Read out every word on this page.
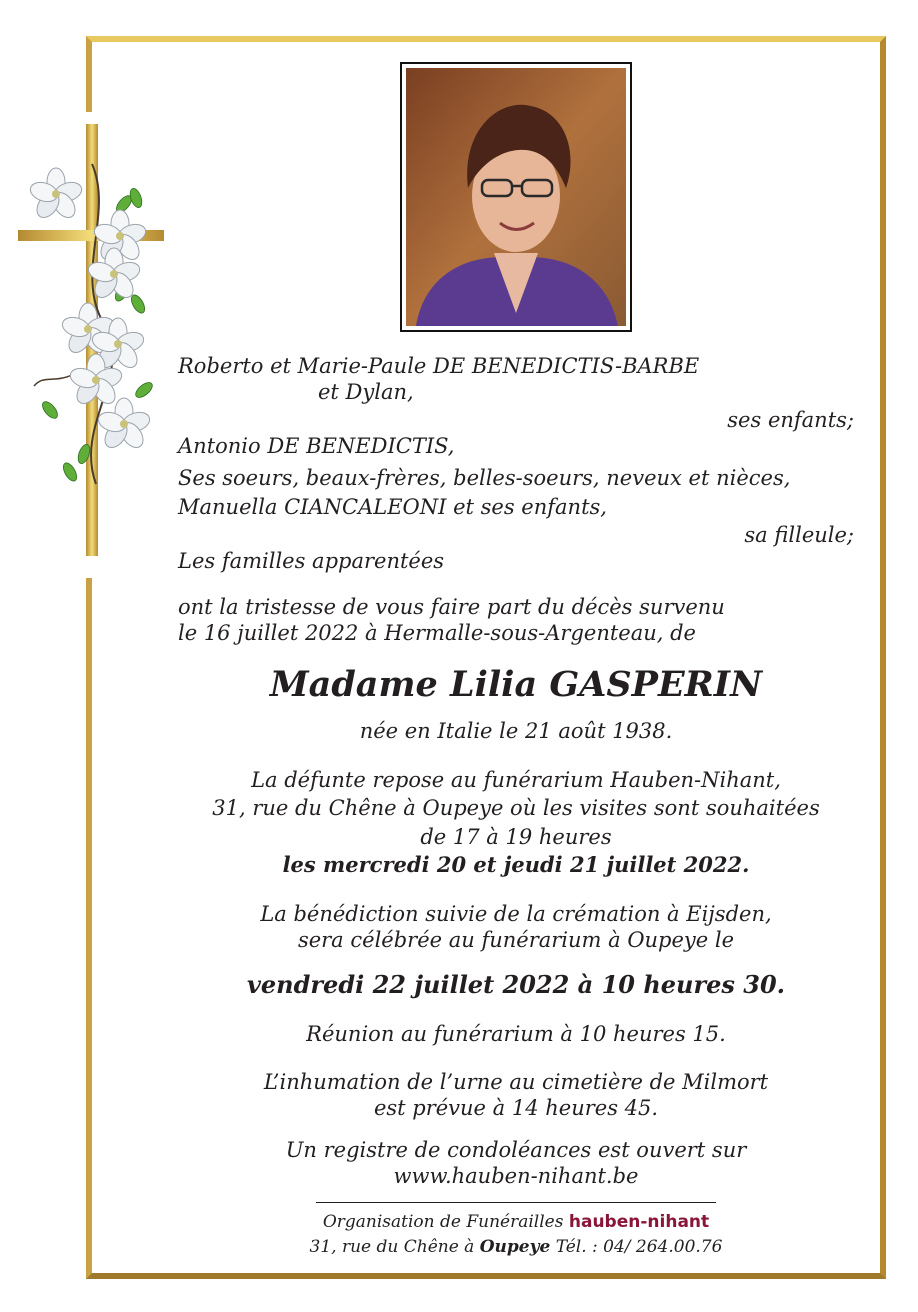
Roberto et Marie-Paule DE BENEDICTIS-BARBE
et Dylan,
ses enfants;
Antonio DE BENEDICTIS,
Ses soeurs, beaux-frères, belles-soeurs, neveux et nièces,
Manuella CIANCALEONI et ses enfants,
sa filleule;
Les familles apparentées
ont la tristesse de vous faire part du décès survenu
le 16 juillet 2022 à Hermalle-sous-Argenteau, de
Madame Lilia GASPERIN
née en Italie le 21 août 1938.
La défunte repose au funérarium Hauben-Nihant,
31, rue du Chêne à Oupeye où les visites sont souhaitées
de 17 à 19 heures
les mercredi 20 et jeudi 21 juillet 2022.
La bénédiction suivie de la crémation à Eijsden,
sera célébrée au funérarium à Oupeye le
vendredi 22 juillet 2022 à 10 heures 30.
Réunion au funérarium à 10 heures 15.
L’inhumation de l’urne au cimetière de Milmort
est prévue à 14 heures 45.
Un registre de condoléances est ouvert sur
www.hauben-nihant.be
Organisation de Funérailles hauben-nihant
31, rue du Chêne à Oupeye Tél. : 04/ 264.00.76
